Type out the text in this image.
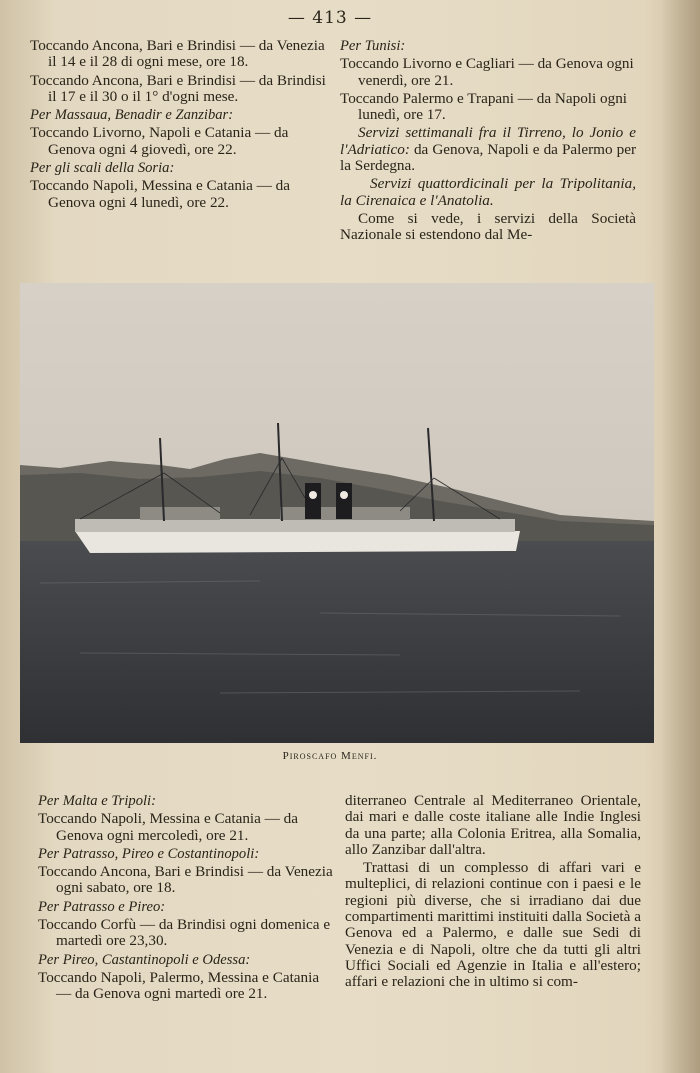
— 413 —

Toccando Ancona, Bari e Brindisi — da Venezia il 14 e il 28 di ogni mese, ore 18.

Toccando Ancona, Bari e Brindisi — da Brindisi il 17 e il 30 o il 1° d'ogni mese.

Per Massaua, Benadir e Zanzibar:

Toccando Livorno, Napoli e Catania — da Genova ogni 4 giovedì, ore 22.

Per gli scali della Soria:

Toccando Napoli, Messina e Catania — da Genova ogni 4 lunedì, ore 22.

Per Tunisi:

Toccando Livorno e Cagliari — da Genova ogni venerdì, ore 21.

Toccando Palermo e Trapani — da Napoli ogni lunedì, ore 17.

Servizi settimanali fra il Tirreno, lo Jonio e l'Adriatico: da Genova, Napoli e da Palermo per la Serdegna.

Servizi quattordicinali per la Tripolitania, la Cirenaica e l'Anatolia.

Come si vede, i servizi della Società Nazionale si estendono dal Me-

Piroscafo Menfi.

Per Malta e Tripoli:

Toccando Napoli, Messina e Catania — da Genova ogni mercoledì, ore 21.

Per Patrasso, Pireo e Costantinopoli:

Toccando Ancona, Bari e Brindisi — da Venezia ogni sabato, ore 18.

Per Patrasso e Pireo:

Toccando Corfù — da Brindisi ogni domenica e martedì ore 23,30.

Per Pireo, Castantinopoli e Odessa:

Toccando Napoli, Palermo, Messina e Catania — da Genova ogni martedì ore 21.

diterraneo Centrale al Mediterraneo Orientale, dai mari e dalle coste italiane alle Indie Inglesi da una parte; alla Colonia Eritrea, alla Somalia, allo Zanzibar dall'altra.

Trattasi di un complesso di affari vari e multeplici, di relazioni continue con i paesi e le regioni più diverse, che si irradiano dai due compartimenti marittimi instituiti dalla Società a Genova ed a Palermo, e dalle sue Sedi di Venezia e di Napoli, oltre che da tutti gli altri Uffici Sociali ed Agenzie in Italia e all'estero; affari e relazioni che in ultimo si com-
